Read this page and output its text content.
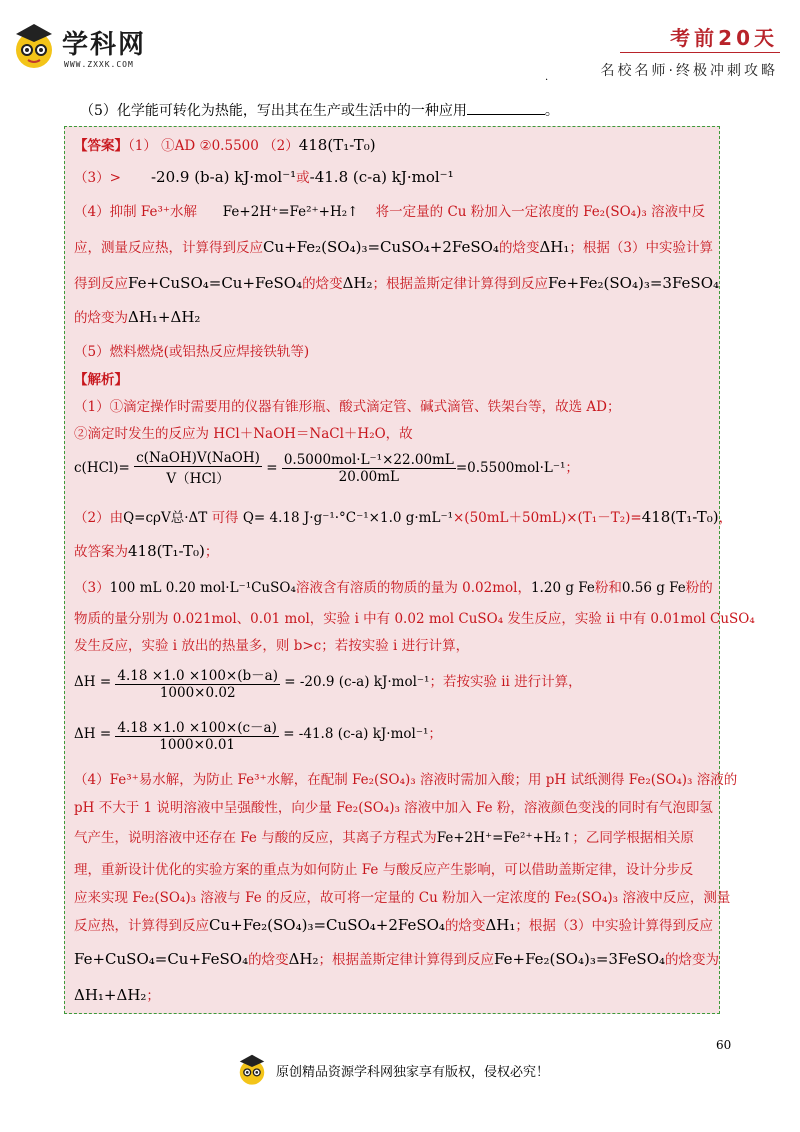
学科网
WWW.ZXXK.COM
考前20天
名校名师·终极冲刺攻略
.
（5）化学能可转化为热能，写出其在生产或生活中的一种应用	。
【答案】（1） ①AD ②0.5500 （2）418(T₁-T₀)
（3）> -20.9 (b-a) kJ·mol⁻¹或-41.8 (c-a) kJ·mol⁻¹
（4）抑制 Fe³⁺水解 Fe+2H⁺=Fe²⁺+H₂↑ 将一定量的 Cu 粉加入一定浓度的 Fe₂(SO₄)₃ 溶液中反
应，测量反应热，计算得到反应Cu+Fe₂(SO₄)₃=CuSO₄+2FeSO₄的焓变ΔH₁；根据（3）中实验计算
得到反应Fe+CuSO₄=Cu+FeSO₄的焓变ΔH₂；根据盖斯定律计算得到反应Fe+Fe₂(SO₄)₃=3FeSO₄
的焓变为ΔH₁+ΔH₂
（5）燃料燃烧(或铝热反应焊接铁轨等)
【解析】
（1）①滴定操作时需要用的仪器有锥形瓶、酸式滴定管、碱式滴管、铁架台等，故选 AD；
②滴定时发生的反应为 HCl＋NaOH＝NaCl＋H₂O，故
$c(HCl)= \frac{\text{c(NaOH)V(NaOH)}}{\text{V（HCl）}} = \frac{\text{0.5000mol·L⁻¹×22.00mL}}{20.00mL} =0.5500mol\cdot L^{-1}$；
（2）由Q=cρV总·ΔT 可得 Q= 4.18 J·g⁻¹·°C⁻¹×1.0 g·mL⁻¹×(50mL＋50mL)×(T₁－T₂)=418(T₁-T₀)，
故答案为418(T₁-T₀)；
（3）100 mL 0.20 mol·L⁻¹CuSO₄溶液含有溶质的物质的量为 0.02mol，1.20 g Fe粉和0.56 g Fe粉的
物质的量分别为 0.021mol、0.01 mol，实验 i 中有 0.02 mol CuSO₄ 发生反应，实验 ii 中有 0.01mol CuSO₄
发生反应，实验 i 放出的热量多，则 b>c；若按实验 i 进行计算，
$\Delta H = \frac{4.18 \times 1.0 \times 100\times(b-a)}{1000\times 0.02} = -20.9$ (c-a) kJ·mol⁻¹；若按实验 ii 进行计算，
$\Delta H = \frac{4.18 \times 1.0 \times 100\times(c-a)}{1000\times 0.01} = -41.8$ (c-a) kJ·mol⁻¹；
（4）Fe³⁺易水解，为防止 Fe³⁺水解，在配制 Fe₂(SO₄)₃ 溶液时需加入酸；用 pH 试纸测得 Fe₂(SO₄)₃ 溶液的
pH 不大于 1 说明溶液中呈强酸性，向少量 Fe₂(SO₄)₃ 溶液中加入 Fe 粉，溶液颜色变浅的同时有气泡即氢
气产生，说明溶液中还存在 Fe 与酸的反应，其离子方程式为Fe+2H⁺=Fe²⁺+H₂↑；乙同学根据相关原
理，重新设计优化的实验方案的重点为如何防止 Fe 与酸反应产生影响，可以借助盖斯定律，设计分步反
应来实现 Fe₂(SO₄)₃ 溶液与 Fe 的反应，故可将一定量的 Cu 粉加入一定浓度的 Fe₂(SO₄)₃ 溶液中反应，测量
反应热，计算得到反应Cu+Fe₂(SO₄)₃=CuSO₄+2FeSO₄的焓变ΔH₁；根据（3）中实验计算得到反应
Fe+CuSO₄=Cu+FeSO₄的焓变ΔH₂；根据盖斯定律计算得到反应Fe+Fe₂(SO₄)₃=3FeSO₄的焓变为
ΔH₁+ΔH₂；
60
原创精品资源学科网独家享有版权，侵权必究！
